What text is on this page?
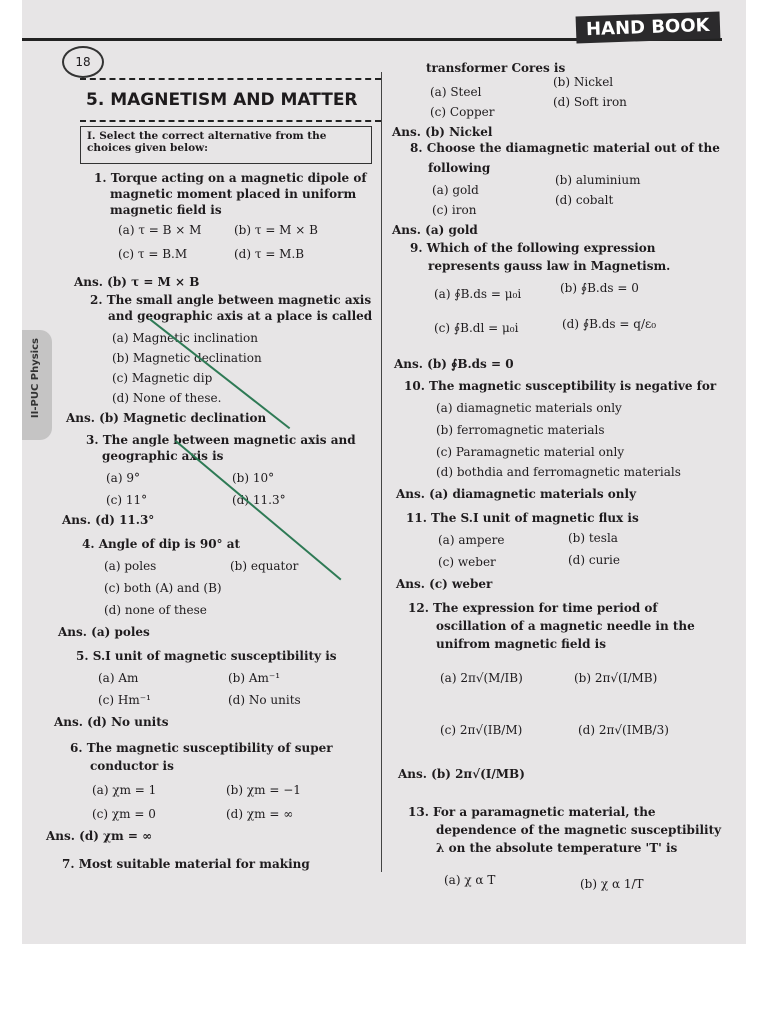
HAND BOOK
18
5. MAGNETISM AND MATTER
I. Select the correct alternative from the choices given below:
II-PUC Physics
1. Torque acting on a magnetic dipole of
magnetic moment placed in uniform
magnetic field is
(a) τ = B × M	(b) τ = M × B
(c) τ = B.M	(d) τ = M.B
Ans. (b) τ = M × B
2. The small angle between magnetic axis
and geographic axis at a place is called
(a) Magnetic inclination
(b) Magnetic declination
(c) Magnetic dip
(d) None of these.
Ans. (b) Magnetic declination
3. The angle between magnetic axis and
geographic axis is
(a) 9°	(b) 10°
(c) 11°	(d) 11.3°
Ans. (d) 11.3°
4. Angle of dip is 90° at
(a) poles	(b) equator
(c) both (A) and (B)
(d) none of these
Ans. (a) poles
5. S.I unit of magnetic susceptibility is
(a) Am	(b) Am⁻¹
(c) Hm⁻¹	(d) No units
Ans. (d) No units
6. The magnetic susceptibility of super
conductor is
(a) χm = 1	(b) χm = −1
(c) χm = 0	(d) χm = ∞
Ans. (d) χm = ∞
7. Most suitable material for making
transformer Cores is
(a) Steel
(b) Nickel
(c) Copper
(d) Soft iron
Ans. (b) Nickel
8. Choose the diamagnetic material out of the
following
(a) gold
(b) aluminium
(c) iron
(d) cobalt
Ans. (a) gold
9. Which of the following expression
represents gauss law in Magnetism.
(a) ∮B.ds = μ₀i	(b) ∮B.ds = 0
(c) ∮B.dl = μ₀i	(d) ∮B.ds = q/ε₀
Ans. (b) ∮B.ds = 0
10. The magnetic susceptibility is negative for
(a) diamagnetic materials only
(b) ferromagnetic materials
(c) Paramagnetic material only
(d) bothdia and ferromagnetic materials
Ans. (a) diamagnetic materials only
11. The S.I unit of magnetic flux is
(a) ampere	(b) tesla
(c) weber	(d) curie
Ans. (c) weber
12. The expression for time period of
oscillation of a magnetic needle in the
unifrom magnetic field is
(a) 2π√(M/IB)	(b) 2π√(I/MB)
(c) 2π√(IB/M)	(d) 2π√(IMB/3)
Ans. (b) 2π√(I/MB)
13. For a paramagnetic material, the
dependence of the magnetic susceptibility
λ on the absolute temperature 'T' is
(a) χ α T	(b) χ α 1/T
